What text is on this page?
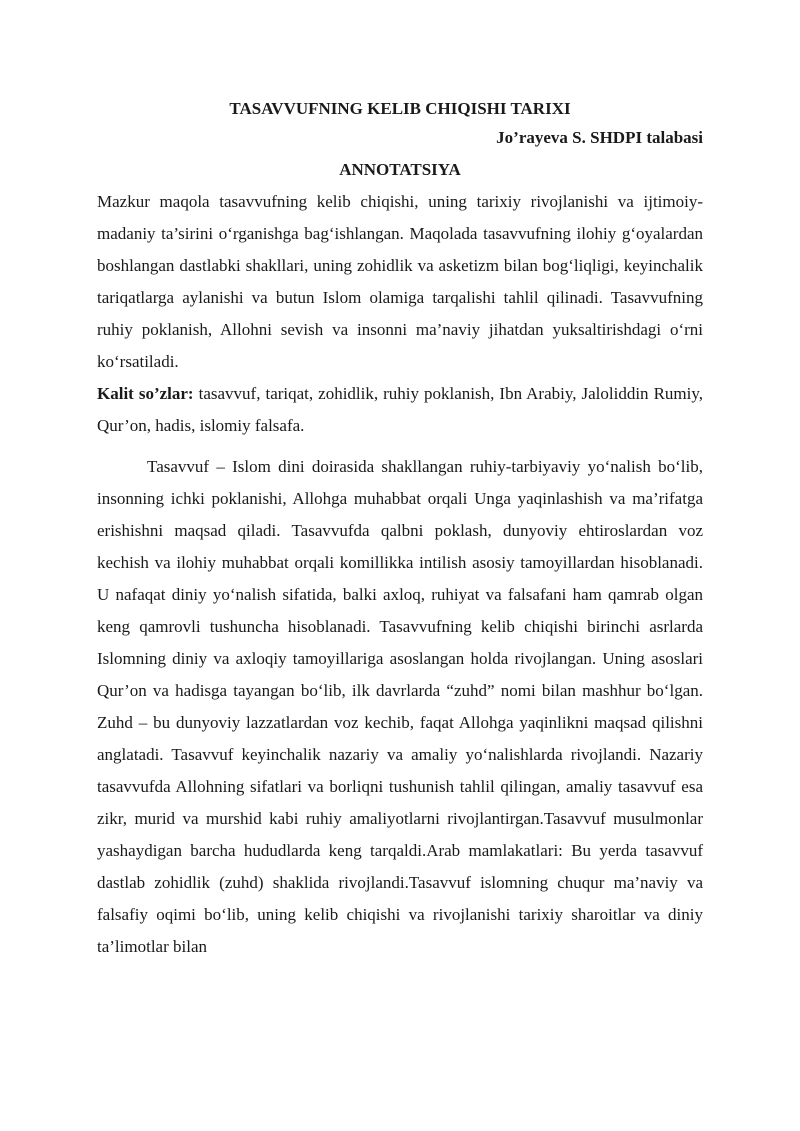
TASAVVUFNING KELIB CHIQISHI TARIXI
Jo’rayeva S. SHDPI talabasi
ANNOTATSIYA

Mazkur maqola tasavvufning kelib chiqishi, uning tarixiy rivojlanishi va ijtimoiy-madaniy ta’sirini o‘rganishga bag‘ishlangan. Maqolada tasavvufning ilohiy g‘oyalardan boshlangan dastlabki shakllari, uning zohidlik va asketizm bilan bog‘liqligi, keyinchalik tariqatlarga aylanishi va butun Islom olamiga tarqalishi tahlil qilinadi. Tasavvufning ruhiy poklanish, Allohni sevish va insonni ma’naviy jihatdan yuksaltirishdagi o‘rni ko‘rsatiladi.

Kalit so’zlar: tasavvuf, tariqat, zohidlik, ruhiy poklanish, Ibn Arabiy, Jaloliddin Rumiy, Qur’on, hadis, islomiy falsafa.

Tasavvuf – Islom dini doirasida shakllangan ruhiy-tarbiyaviy yo‘nalish bo‘lib, insonning ichki poklanishi, Allohga muhabbat orqali Unga yaqinlashish va ma’rifatga erishishni maqsad qiladi. Tasavvufda qalbni poklash, dunyoviy ehtiroslardan voz kechish va ilohiy muhabbat orqali komillikka intilish asosiy tamoyillardan hisoblanadi. U nafaqat diniy yo‘nalish sifatida, balki axloq, ruhiyat va falsafani ham qamrab olgan keng qamrovli tushuncha hisoblanadi. Tasavvufning kelib chiqishi birinchi asrlarda Islomning diniy va axloqiy tamoyillariga asoslangan holda rivojlangan. Uning asoslari Qur’on va hadisga tayangan bo‘lib, ilk davrlarda “zuhd” nomi bilan mashhur bo‘lgan. Zuhd – bu dunyoviy lazzatlardan voz kechib, faqat Allohga yaqinlikni maqsad qilishni anglatadi. Tasavvuf keyinchalik nazariy va amaliy yo‘nalishlarda rivojlandi. Nazariy tasavvufda Allohning sifatlari va borliqni tushunish tahlil qilingan, amaliy tasavvuf esa zikr, murid va murshid kabi ruhiy amaliyotlarni rivojlantirgan.Tasavvuf musulmonlar yashaydigan barcha hududlarda keng tarqaldi.Arab mamlakatlari: Bu yerda tasavvuf dastlab zohidlik (zuhd) shaklida rivojlandi.Tasavvuf islomning chuqur ma’naviy va falsafiy oqimi bo‘lib, uning kelib chiqishi va rivojlanishi tarixiy sharoitlar va diniy ta’limotlar bilan
